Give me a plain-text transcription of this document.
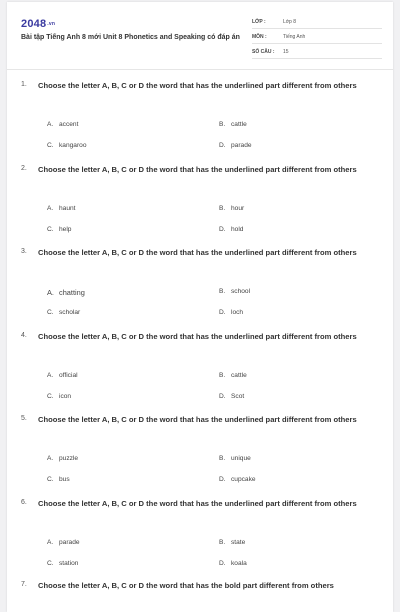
2048.vn
Bài tập Tiếng Anh 8 mới Unit 8 Phonetics and Speaking có đáp án
LỚP :	Lớp 8
MÔN :	Tiếng Anh
SỐ CÂU : 15
1. Choose the letter A, B, C or D the word that has the underlined part different from others
A. accent	B. cattle
C. kangaroo	D. parade
2. Choose the letter A, B, C or D the word that has the underlined part different from others
A. haunt	B. hour
C. help	D. hold
3. Choose the letter A, B, C or D the word that has the underlined part different from others
A. chatting	B. school
C. scholar	D. loch
4. Choose the letter A, B, C or D the word that has the underlined part different from others
A. official	B. cattle
C. icon	D. Scot
5. Choose the letter A, B, C or D the word that has the underlined part different from others
A. puzzle	B. unique
C. bus	D. cupcake
6. Choose the letter A, B, C or D the word that has the underlined part different from others
A. parade	B. state
C. station	D. koala
7. Choose the letter A, B, C or D the word that has the bold part different from others
